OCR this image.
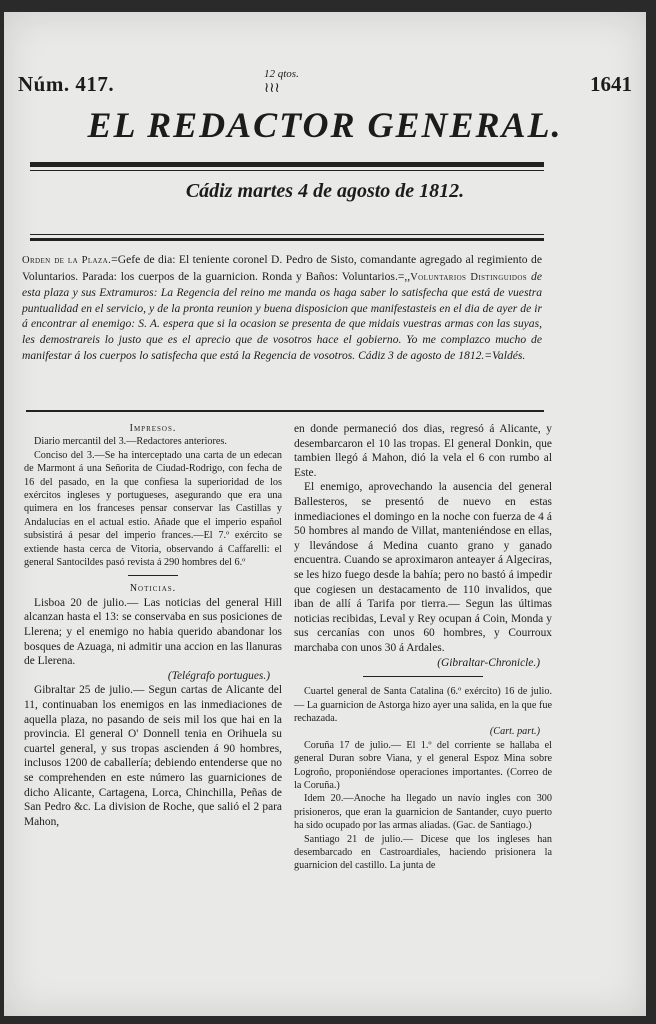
Núm. 417.	12 qtos.
≀≀≀	1641
EL REDACTOR GENERAL.
Cádiz martes 4 de agosto de 1812.

Orden de la Plaza.=Gefe de dia: El teniente coronel D. Pedro de Sisto, comandante agregado al regimiento de Voluntarios. Parada: los cuerpos de la guarnicion. Ronda y Baños: Voluntarios.=,,Voluntarios Distinguidos de esta plaza y sus Extramuros: La Regencia del reino me manda os haga saber lo satisfecha que está de vuestra puntualidad en el servicio, y de la pronta reunion y buena disposicion que manifestasteis en el dia de ayer de ir á encontrar al enemigo: S. A. espera que si la ocasion se presenta de que midais vuestras armas con las suyas, les demostrareis lo justo que es el aprecio que de vosotros hace el gobierno. Yo me complazco mucho de manifestar á los cuerpos lo satisfecha que está la Regencia de vosotros. Cádiz 3 de agosto de 1812.=Valdés.

Impresos.

Diario mercantil del 3.—Redactores anteriores.

Conciso del 3.—Se ha interceptado una carta de un edecan de Marmont á una Señorita de Ciudad-Rodrigo, con fecha de 16 del pasado, en la que confiesa la superioridad de los exércitos ingleses y portugueses, asegurando que era una quimera en los franceses pensar conservar las Castillas y Andalucías en el actual estio. Añade que el imperio español subsistirá á pesar del imperio frances.—El 7.º exército se extiende hasta cerca de Vitoria, observando á Caffarelli: el general Santocildes pasó revista á 290 hombres del 6.º

Noticias.

Lisboa 20 de julio.— Las noticias del general Hill alcanzan hasta el 13: se conservaba en sus posiciones de Llerena; y el enemigo no habia querido abandonar los bosques de Azuaga, ni admitir una accion en las llanuras de Llerena.

(Telégrafo portugues.)

Gibraltar 25 de julio.— Segun cartas de Alicante del 11, continuaban los enemigos en las inmediaciones de aquella plaza, no pasando de seis mil los que hai en la provincia. El general O' Donnell tenia en Orihuela su cuartel general, y sus tropas ascienden á 90 hombres, inclusos 1200 de caballería; debiendo entenderse que no se comprehenden en este número las guarniciones de dicho Alicante, Cartagena, Lorca, Chinchilla, Peñas de San Pedro &c. La division de Roche, que salió el 2 para Mahon,

en donde permaneció dos dias, regresó á Alicante, y desembarcaron el 10 las tropas. El general Donkin, que tambien llegó á Mahon, dió la vela el 6 con rumbo al Este.

El enemigo, aprovechando la ausencia del general Ballesteros, se presentó de nuevo en estas inmediaciones el domingo en la noche con fuerza de 4 á 50 hombres al mando de Villat, manteniéndose en ellas, y llevándose á Medina cuanto grano y ganado encuentra. Cuando se aproximaron anteayer á Algeciras, se les hizo fuego desde la bahía; pero no bastó á impedir que cogiesen un destacamento de 110 invalidos, que iban de allí á Tarifa por tierra.— Segun las últimas noticias recibidas, Leval y Rey ocupan á Coin, Monda y sus cercanías con unos 60 hombres, y Courroux marchaba con unos 30 á Ardales.

(Gibraltar-Chronicle.)

Cuartel general de Santa Catalina (6.º exército) 16 de julio.— La guarnicion de Astorga hizo ayer una salida, en la que fue rechazada.

(Cart. part.)

Coruña 17 de julio.— El 1.º del corriente se hallaba el general Duran sobre Viana, y el general Espoz Mina sobre Logroño, proponiéndose operaciones importantes. (Correo de la Coruña.)

Idem 20.—Anoche ha llegado un navío ingles con 300 prisioneros, que eran la guarnicion de Santander, cuyo puerto ha sido ocupado por las armas aliadas. (Gac. de Santiago.)

Santiago 21 de julio.— Dicese que los ingleses han desembarcado en Castroardiales, haciendo prisionera la guarnicion del castillo. La junta de
